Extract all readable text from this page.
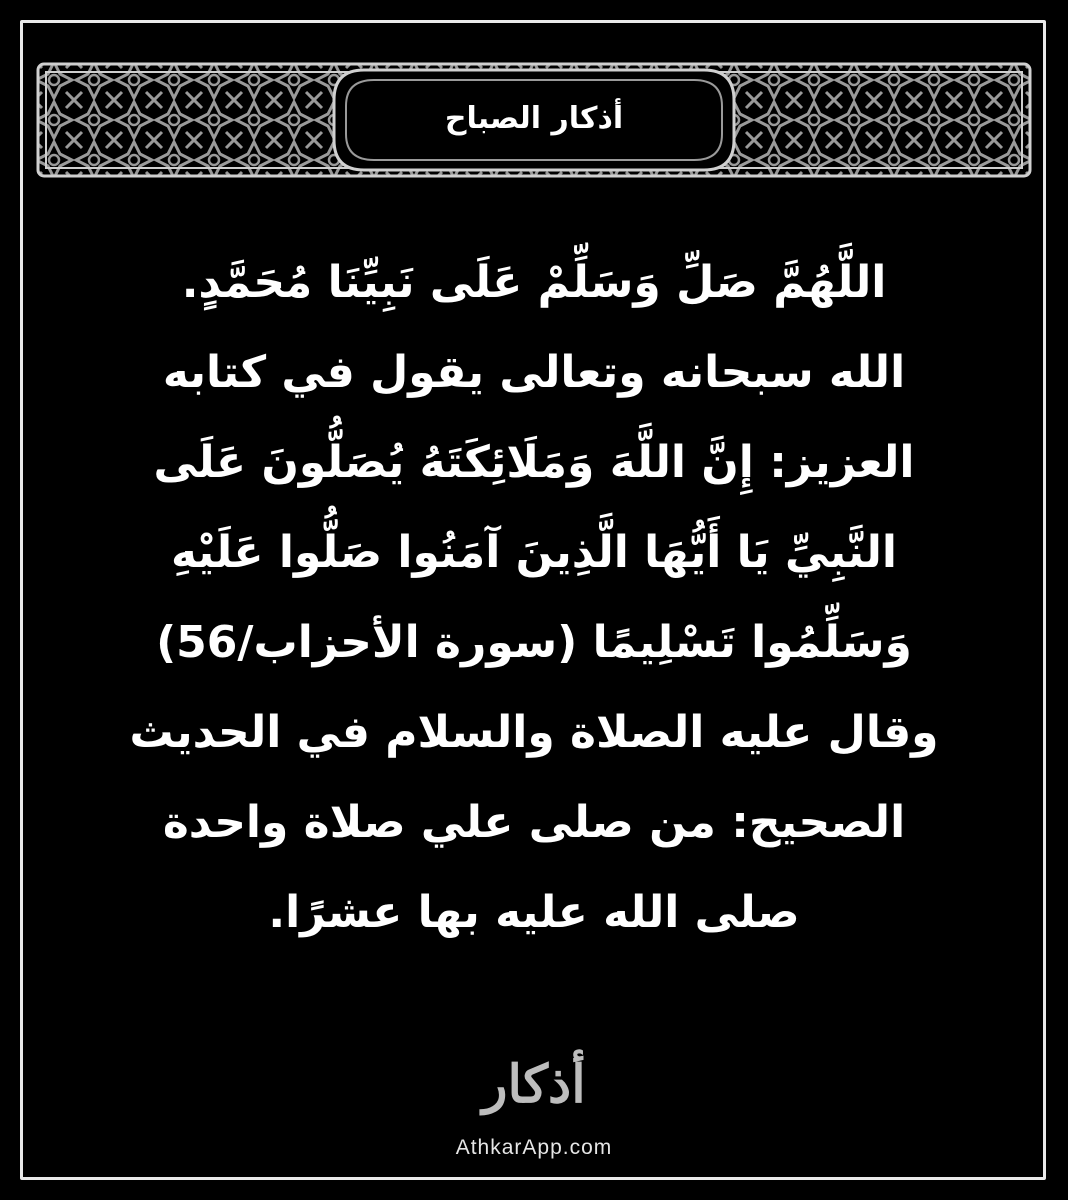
أذكار الصباح
اللَّهُمَّ صَلِّ وَسَلِّمْ عَلَى نَبِيِّنَا مُحَمَّدٍ.
الله سبحانه وتعالى يقول في كتابه
العزيز: إِنَّ اللَّهَ وَمَلَائِكَتَهُ يُصَلُّونَ عَلَى
النَّبِيِّ يَا أَيُّهَا الَّذِينَ آمَنُوا صَلُّوا عَلَيْهِ
وَسَلِّمُوا تَسْلِيمًا (سورة الأحزاب/56)
وقال عليه الصلاة والسلام في الحديث
الصحيح: من صلى علي صلاة واحدة
صلى الله عليه بها عشرًا.
أذكار
AthkarApp.com
